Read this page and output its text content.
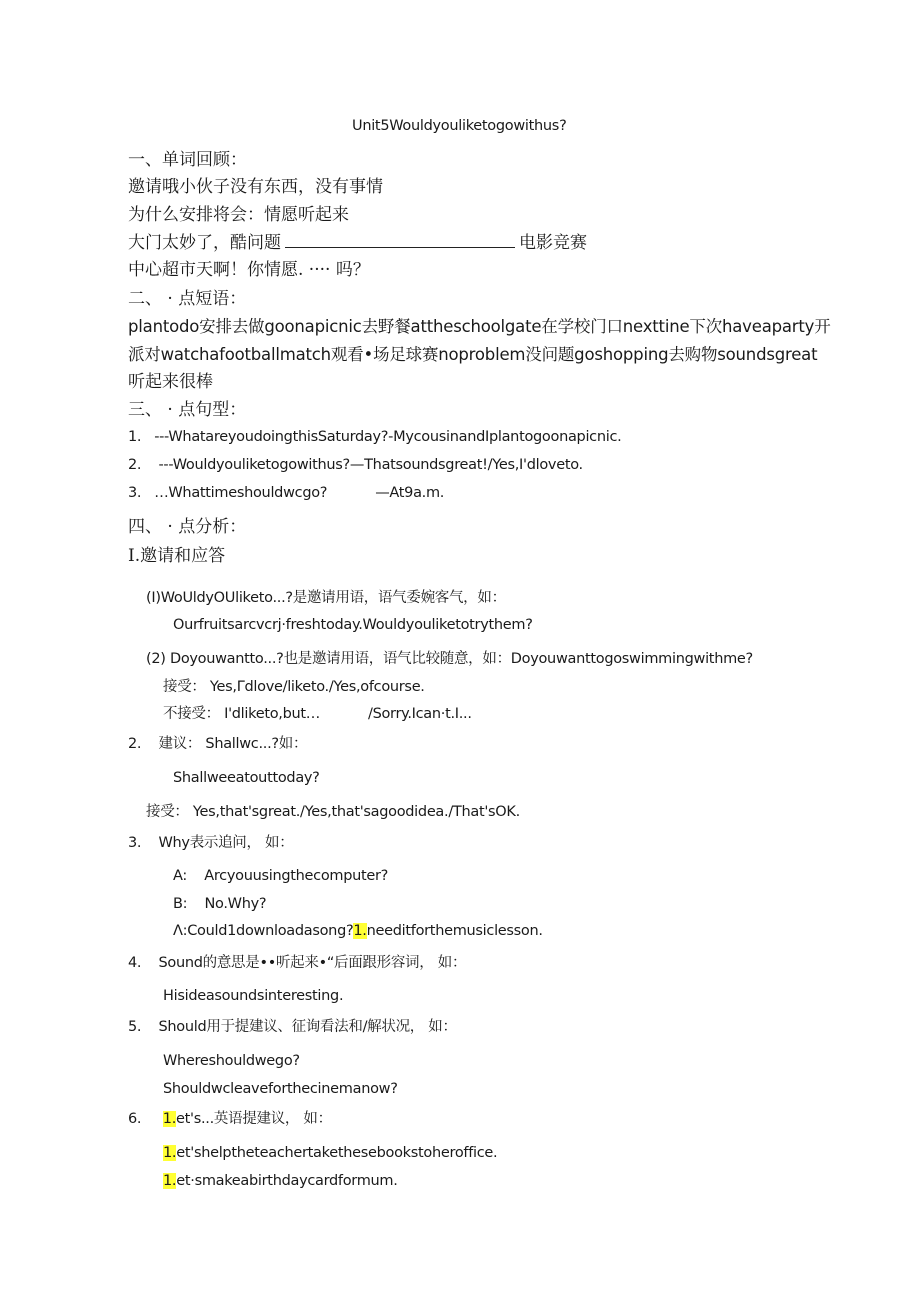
Unit5Wouldyouliketogowithus?
一、单词回顾：
邀请哦小伙子没有东西，没有事情
为什么安排将会：情愿听起来
大门太妙了，酷问题	电影竞赛
中心超市天啊！你情愿. ···· 吗？
二、 · 点短语：
plantodo安排去做goonapicnic去野餐attheschoolgate在学校门口nexttine下次haveaparty开
派对watchafootballmatch观看•场足球赛noproblem没问题goshopping去购物soundsgreat
听起来很棒
三、 · 点句型：
1. ---WhatareyoudoingthisSaturday?-MycousinandIplantogoonapicnic.
2. ---Wouldyouliketogowithus?—Thatsoundsgreat!/Yes,I'dloveto.
3. …Whattimeshouldwcgo?	—At9a.m.
四、 · 点分析：
I.邀请和应答
(I)WoUldyOUliketo...?是邀请用语，语气委婉客气，如：
Ourfruitsarcvcrj·freshtoday.Wouldyouliketotrythem?
(2) Doyouwantto...?也是邀请用语，语气比较随意，如：Doyouwanttogoswimmingwithme?
接受： Yes,Γdlove/liketo./Yes,ofcourse.
不接受： I'dliketo,but…	/Sorry.Ican·t.I...
2. 建议： Shallwc...?如：
Shallweeatouttoday?
接受： Yes,that'sgreat./Yes,that'sagoodidea./That'sOK.
3. Why表示追问， 如：
A: Arcyouusingthecomputer?
B: No.Why?
Λ:Could1downloadasong?1.needitforthemusiclesson.
4. Sound的意思是••听起来•“后面跟形容词， 如：
Hisideasoundsinteresting.
5. Should用于提建议、征询看法和/解状况， 如：
Whereshouldwego?
Shouldwcleaveforthecinemanow?
6. 1.et's...英语提建议， 如：
1.et'shelptheteachertakethesebookstoheroffice.
1.et·smakeabirthdaycardformum.
